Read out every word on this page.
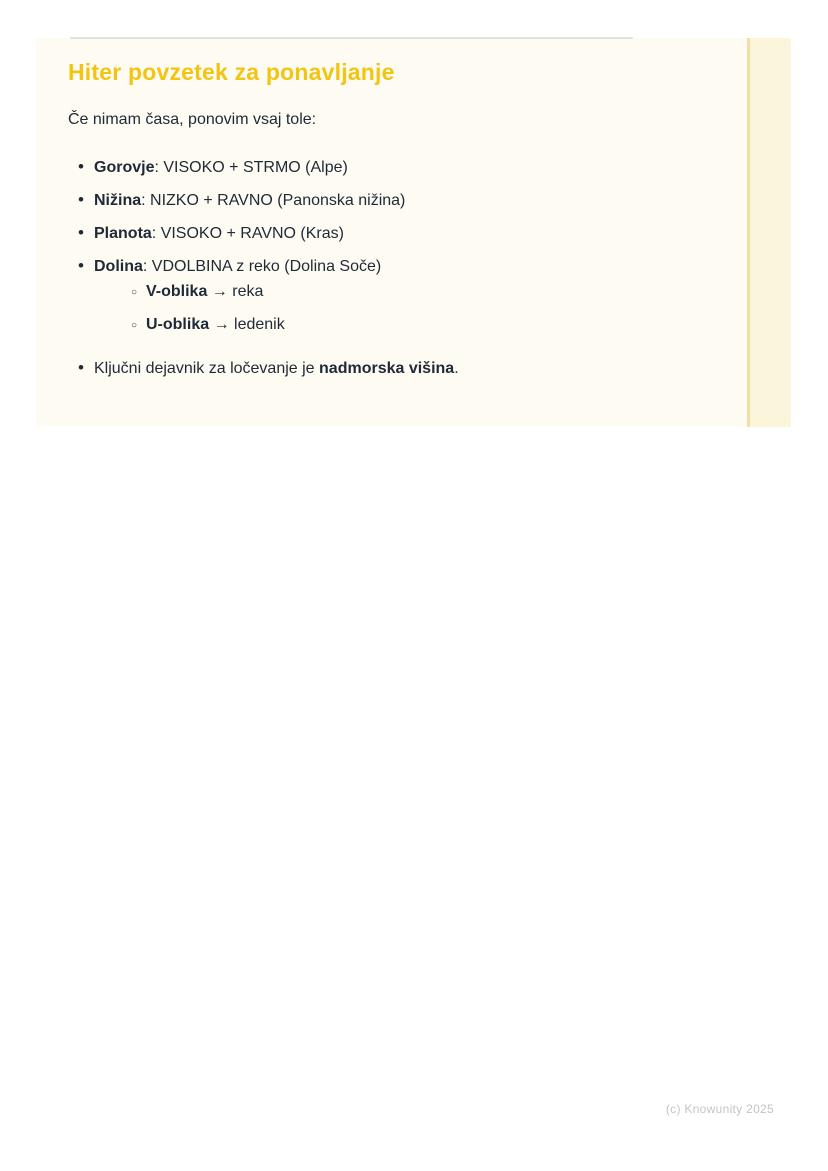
Hiter povzetek za ponavljanje

Če nimam časa, ponovim vsaj tole:

• Gorovje: VISOKO + STRMO (Alpe)
• Nižina: NIZKO + RAVNO (Panonska nižina)
• Planota: VISOKO + RAVNO (Kras)
• Dolina: VDOLBINA z reko (Dolina Soče)
○ V-oblika → reka
○ U-oblika → ledenik
• Ključni dejavnik za ločevanje je nadmorska višina.
(c) Knowunity 2025
